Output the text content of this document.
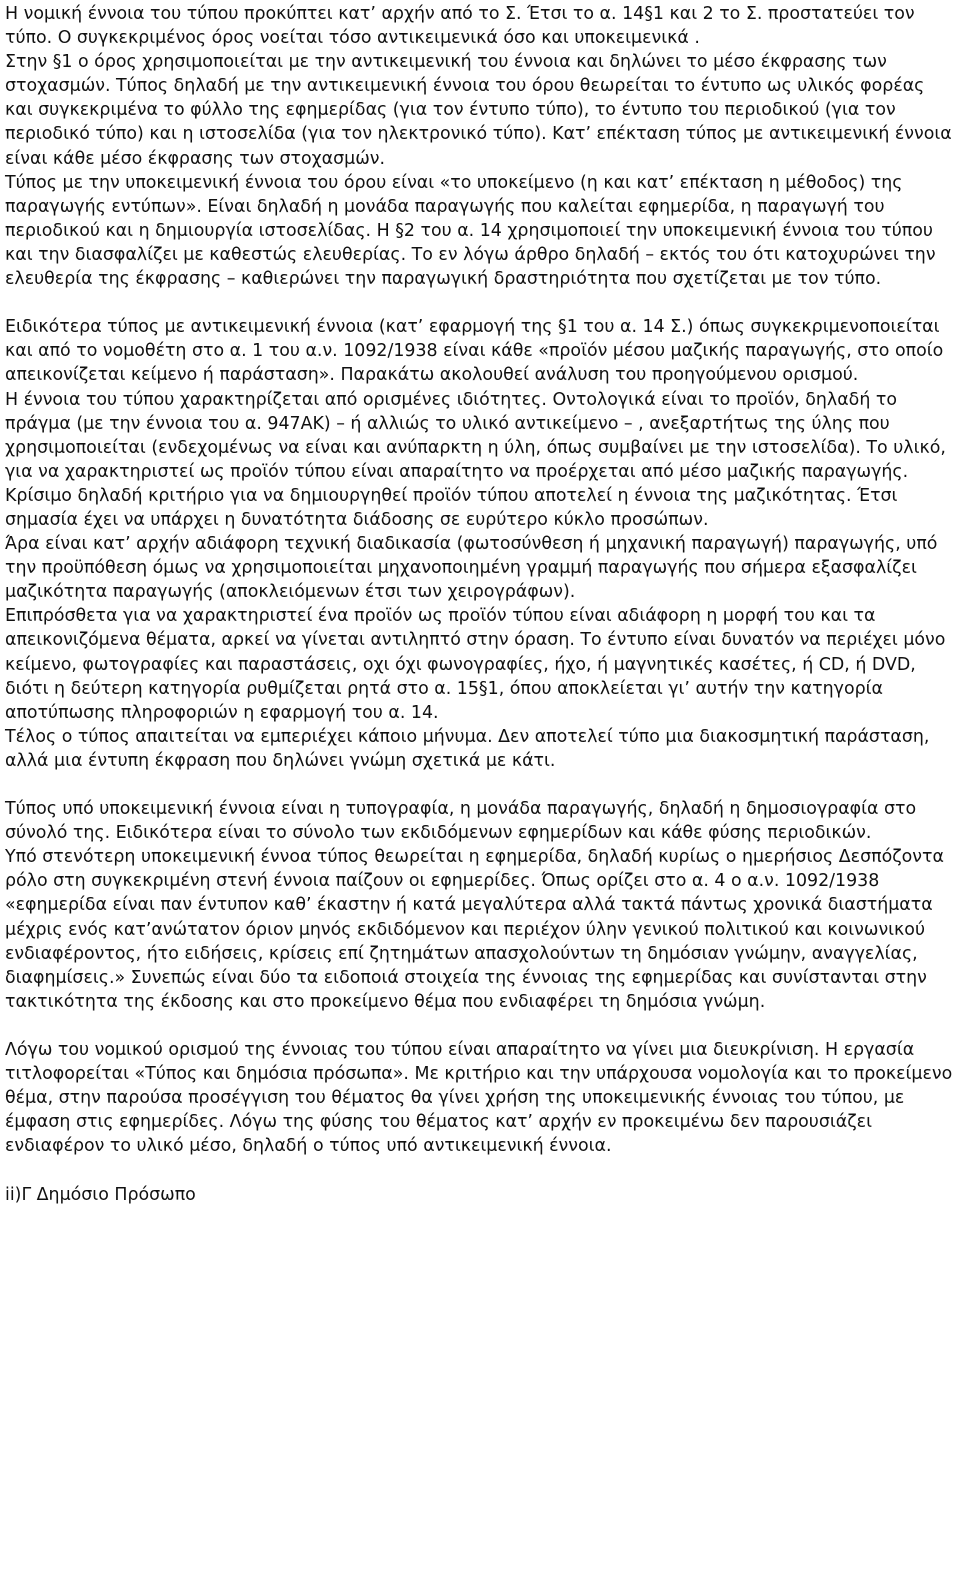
Η νομική έννοια του τύπου προκύπτει κατ’ αρχήν από το Σ. Έτσι το α. 14§1 και 2 το Σ. προστατεύει τον τύπο. Ο συγκεκριμένος όρος νοείται τόσο αντικειμενικά όσο και υποκειμενικά .

Στην §1 ο όρος χρησιμοποιείται με την αντικειμενική του έννοια και δηλώνει το μέσο έκφρασης των στοχασμών. Τύπος δηλαδή με την αντικειμενική έννοια του όρου θεωρείται το έντυπο ως υλικός φορέας και συγκεκριμένα το φύλλο της εφημερίδας (για τον έντυπο τύπο), το έντυπο του περιοδικού (για τον περιοδικό τύπο) και η ιστοσελίδα (για τον ηλεκτρονικό τύπο). Κατ’ επέκταση τύπος με αντικειμενική έννοια είναι κάθε μέσο έκφρασης των στοχασμών.

Τύπος με την υποκειμενική έννοια του όρου είναι «το υποκείμενο (η και κατ’ επέκταση η μέθοδος) της παραγωγής εντύπων». Είναι δηλαδή η μονάδα παραγωγής που καλείται εφημερίδα, η παραγωγή του περιοδικού και η δημιουργία ιστοσελίδας. Η §2 του α. 14 χρησιμοποιεί την υποκειμενική έννοια του τύπου και την διασφαλίζει με καθεστώς ελευθερίας. Το εν λόγω άρθρο δηλαδή – εκτός του ότι κατοχυρώνει την ελευθερία της έκφρασης – καθιερώνει την παραγωγική δραστηριότητα που σχετίζεται με τον τύπο.

Ειδικότερα τύπος με αντικειμενική έννοια (κατ’ εφαρμογή της §1 του α. 14 Σ.) όπως συγκεκριμενοποιείται και από το νομοθέτη στο α. 1 του α.ν. 1092/1938 είναι κάθε «προϊόν μέσου μαζικής παραγωγής, στο οποίο απεικονίζεται κείμενο ή παράσταση». Παρακάτω ακολουθεί ανάλυση του προηγούμενου ορισμού.

Η έννοια του τύπου χαρακτηρίζεται από ορισμένες ιδιότητες. Οντολογικά είναι το προϊόν, δηλαδή το πράγμα (με την έννοια του α. 947ΑΚ) – ή αλλιώς το υλικό αντικείμενο – , ανεξαρτήτως της ύλης που χρησιμοποιείται (ενδεχομένως να είναι και ανύπαρκτη η ύλη, όπως συμβαίνει με την ιστοσελίδα). Το υλικό, για να χαρακτηριστεί ως προϊόν τύπου είναι απαραίτητο να προέρχεται από μέσο μαζικής παραγωγής. Κρίσιμο δηλαδή κριτήριο για να δημιουργηθεί προϊόν τύπου αποτελεί η έννοια της μαζικότητας. Έτσι σημασία έχει να υπάρχει η δυνατότητα διάδοσης σε ευρύτερο κύκλο προσώπων.

Άρα είναι κατ’ αρχήν αδιάφορη τεχνική διαδικασία (φωτοσύνθεση ή μηχανική παραγωγή) παραγωγής, υπό την προϋπόθεση όμως να χρησιμοποιείται μηχανοποιημένη γραμμή παραγωγής που σήμερα εξασφαλίζει μαζικότητα παραγωγής (αποκλειόμενων έτσι των χειρογράφων).

Επιπρόσθετα για να χαρακτηριστεί ένα προϊόν ως προϊόν τύπου είναι αδιάφορη η μορφή του και τα απεικονιζόμενα θέματα, αρκεί να γίνεται αντιληπτό στην όραση. Το έντυπο είναι δυνατόν να περιέχει μόνο κείμενο, φωτογραφίες και παραστάσεις, οχι όχι φωνογραφίες, ήχο, ή μαγνητικές κασέτες, ή CD, ή DVD, διότι η δεύτερη κατηγορία ρυθμίζεται ρητά στο α. 15§1, όπου αποκλείεται γι’ αυτήν την κατηγορία αποτύπωσης πληροφοριών η εφαρμογή του α. 14.

Τέλος ο τύπος απαιτείται να εμπεριέχει κάποιο μήνυμα. Δεν αποτελεί τύπο μια διακοσμητική παράσταση, αλλά μια έντυπη έκφραση που δηλώνει γνώμη σχετικά με κάτι.

Τύπος υπό υποκειμενική έννοια είναι η τυπογραφία, η μονάδα παραγωγής, δηλαδή η δημοσιογραφία στο σύνολό της. Ειδικότερα είναι το σύνολο των εκδιδόμενων εφημερίδων και κάθε φύσης περιοδικών.

Υπό στενότερη υποκειμενική έννοα τύπος θεωρείται η εφημερίδα, δηλαδή κυρίως ο ημερήσιος Δεσπόζοντα ρόλο στη συγκεκριμένη στενή έννοια παίζουν οι εφημερίδες. Όπως ορίζει στο α. 4 ο α.ν. 1092/1938 «εφημερίδα είναι παν έντυπον καθ’ έκαστην ή κατά μεγαλύτερα αλλά τακτά πάντως χρονικά διαστήματα μέχρις ενός κατ’ανώτατον όριον μηνός εκδιδόμενον και περιέχον ύλην γενικού πολιτικού και κοινωνικού ενδιαφέροντος, ήτο ειδήσεις, κρίσεις επί ζητημάτων απασχολούντων τη δημόσιαν γνώμην, αναγγελίας, διαφημίσεις.» Συνεπώς είναι δύο τα ειδοποιά στοιχεία της έννοιας της εφημερίδας και συνίστανται στην τακτικότητα της έκδοσης και στο προκείμενο θέμα που ενδιαφέρει τη δημόσια γνώμη.

Λόγω του νομικού ορισμού της έννοιας του τύπου είναι απαραίτητο να γίνει μια διευκρίνιση. Η εργασία τιτλοφορείται «Τύπος και δημόσια πρόσωπα». Με κριτήριο και την υπάρχουσα νομολογία και το προκείμενο θέμα, στην παρούσα προσέγγιση του θέματος θα γίνει χρήση της υποκειμενικής έννοιας του τύπου, με έμφαση στις εφημερίδες. Λόγω της φύσης του θέματος κατ’ αρχήν εν προκειμένω δεν παρουσιάζει ενδιαφέρον το υλικό μέσο, δηλαδή ο τύπος υπό αντικειμενική έννοια.

ii)Γ Δημόσιο Πρόσωπο
